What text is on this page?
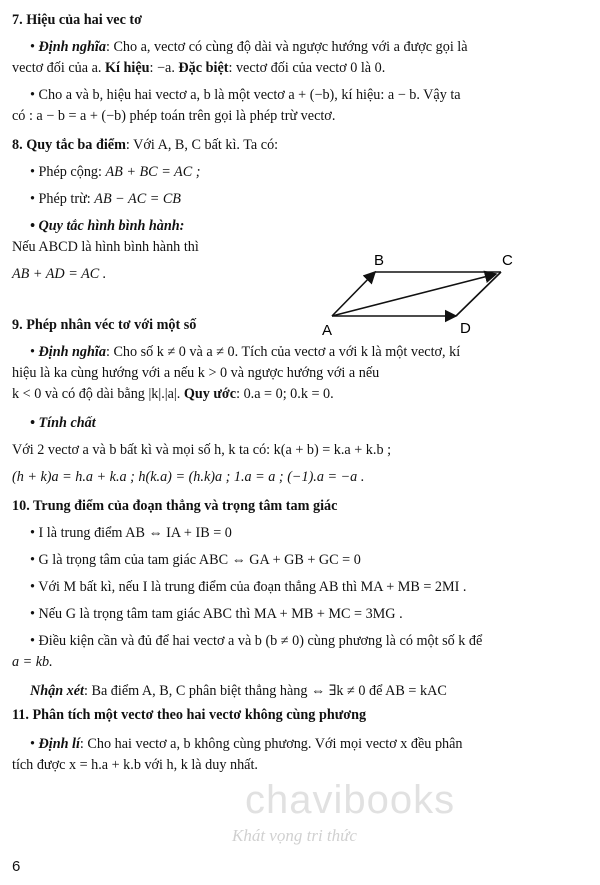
7. Hiệu của hai vec tơ

• Định nghĩa: Cho a, vectơ có cùng độ dài và ngược hướng với a được gọi là

vectơ đối của a. Kí hiệu: −a. Đặc biệt: vectơ đối của vectơ 0 là 0.

• Cho a và b, hiệu hai vectơ a, b là một vectơ a + (−b), kí hiệu: a − b. Vậy ta

có : a − b = a + (−b) phép toán trên gọi là phép trừ vectơ.

8. Quy tắc ba điểm: Với A, B, C bất kì. Ta có:

• Phép cộng: AB + BC = AC ;

• Phép trừ: AB − AC = CB

• Quy tắc hình bình hành:

Nếu ABCD là hình bình hành thì

AB + AD = AC .

9. Phép nhân véc tơ với một số

• Định nghĩa: Cho số k ≠ 0 và a ≠ 0. Tích của vectơ a với k là một vectơ, kí

hiệu là ka cùng hướng với a nếu k > 0 và ngược hướng với a nếu

k < 0 và có độ dài bằng |k|.|a|. Quy ước: 0.a = 0; 0.k = 0.

• Tính chất

Với 2 vectơ a và b bất kì và mọi số h, k ta có: k(a + b) = k.a + k.b ;

(h + k)a = h.a + k.a ; h(k.a) = (h.k)a ; 1.a = a ; (−1).a = −a .

10. Trung điểm của đoạn thẳng và trọng tâm tam giác

• I là trung điểm AB ⇔ IA + IB = 0

• G là trọng tâm của tam giác ABC ⇔ GA + GB + GC = 0

• Với M bất kì, nếu I là trung điểm của đoạn thẳng AB thì MA + MB = 2MI .

• Nếu G là trọng tâm tam giác ABC thì MA + MB + MC = 3MG .

• Điều kiện cần và đủ để hai vectơ a và b (b ≠ 0) cùng phương là có một số k để

a = kb.

Nhận xét: Ba điểm A, B, C phân biệt thẳng hàng ⇔ ∃k ≠ 0 để AB = kAC

11. Phân tích một vectơ theo hai vectơ không cùng phương

• Định lí: Cho hai vectơ a, b không cùng phương. Với mọi vectơ x đều phân

tích được x = h.a + k.b với h, k là duy nhất.

A
B	C
D
chavibooks
Khát vọng tri thức
6
